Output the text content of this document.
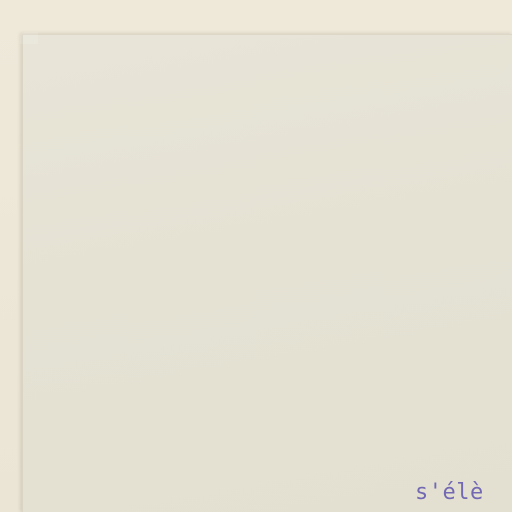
s'élè
